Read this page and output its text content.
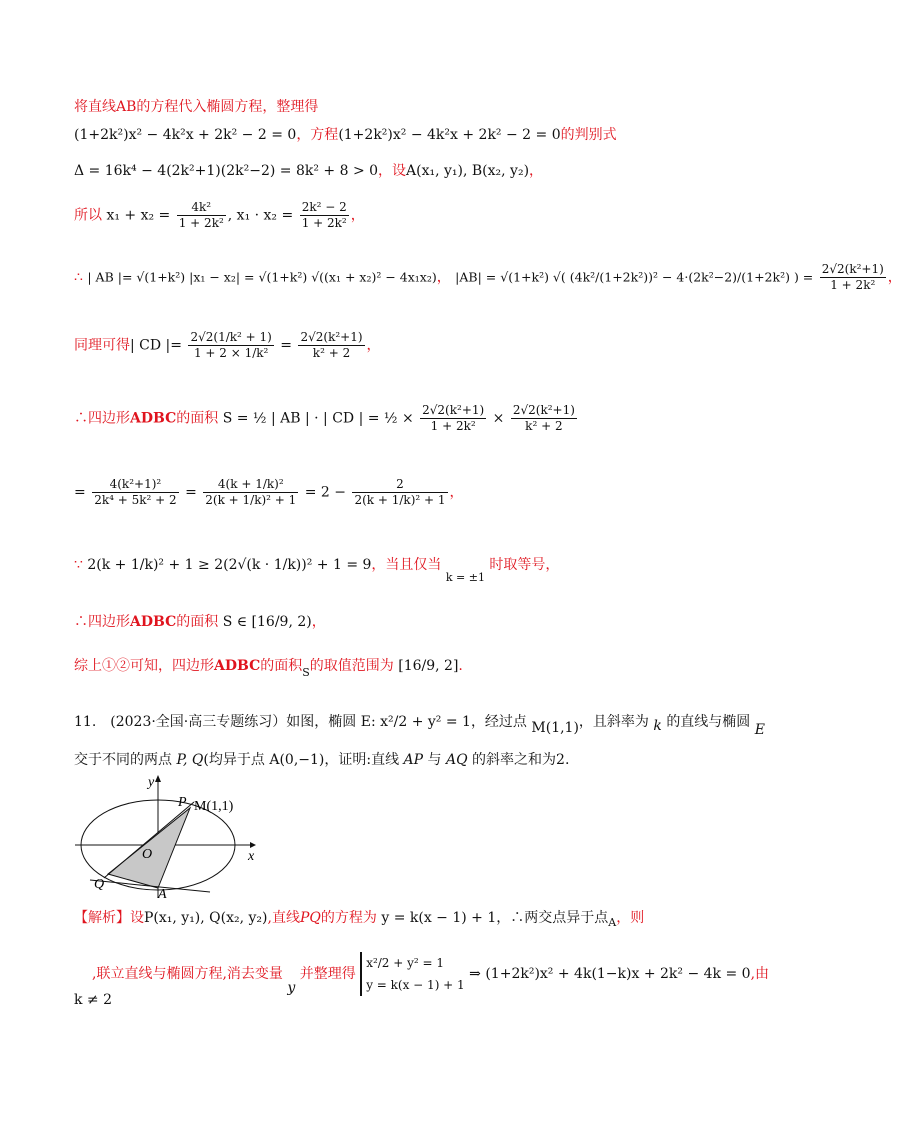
将直线AB的方程代入椭圆方程，整理得
(1+2k²)x² − 4k²x + 2k² − 2 = 0，方程(1+2k²)x² − 4k²x + 2k² − 2 = 0的判别式
Δ = 16k⁴ − 4(2k²+1)(2k²−2) = 8k² + 8 > 0，设A(x₁, y₁), B(x₂, y₂)，
所以 $x_1 + x_2 = \frac{\text{4k²}}{\text{1 + 2k²}}$ , $x_1 \cdot x_2 = \frac{\text{2k² − 2}}{\text{1 + 2k²}}$ ，
∴ | AB |= √(1+k²) |x₁ − x₂| = √(1+k²) √((x₁ + x₂)² − 4x₁x₂)， |AB| = √(1+k²) √( (4k²/(1+2k²))² − 4·(2k²−2)/(1+2k²) ) = $\frac{\text{2√2(k²+1)}}{\text{1 + 2k²}}$ ，
同理可得| CD |= $\frac{\text{2√2(1/k² + 1)}}{\text{1 + 2 × 1/k²}} = \frac{\text{2√2(k²+1)}}{\text{k² + 2}}$ ，
∴四边形ADBC的面积 S = ½ | AB | · | CD | = ½ × $\frac{\text{2√2(k²+1)}}{\text{1 + 2k²}} \times \frac{\text{2√2(k²+1)}}{\text{k² + 2}}$
= $\frac{\text{4(k²+1)²}}{\text{2k⁴ + 5k² + 2}} = \frac{\text{4(k + 1/k)²}}{\text{2(k + 1/k)² + 1}} = 2 - \frac{2}{\text{2(k + 1/k)² + 1}}$ ，
∵ 2(k + 1/k)² + 1 ≥ 2(2√(k · 1/k))² + 1 = 9，当且仅当 $_{k = \pm 1}$ 时取等号，
∴四边形ADBC的面积 S ∈ [16/9, 2)，
综上①②可知，四边形ADBC的面积$_S$的取值范围为 [16/9, 2].
11.　(2023·全国·高三专题练习）如图，椭圆 E: x²/2 + y² = 1，经过点 M(1,1)，且斜率为 k 的直线与椭圆 E
交于不同的两点 P, Q(均异于点 A(0,−1)，证明:直线 AP 与 AQ 的斜率之和为2.
y
x
P M(1,1)
O
Q
A
【解析】设P(x₁, y₁), Q(x₂, y₂),直线PQ的方程为 y = k(x − 1) + 1，∴两交点异于点$_A$，则
,联立直线与椭圆方程,消去变量 y 并整理得
x²/2 + y² = 1
y = k(x − 1) + 1
⇒ (1+2k²)x² + 4k(1−k)x + 2k² − 4k = 0,由
k ≠ 2
